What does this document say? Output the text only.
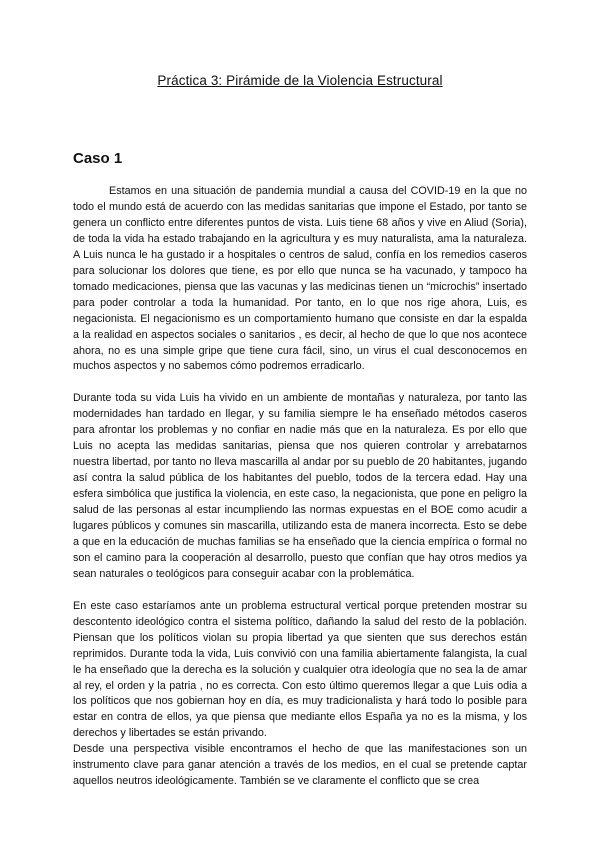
Práctica 3: Pirámide de la Violencia Estructural
Caso 1

Estamos en una situación de pandemia mundial a causa del COVID-19 en la que no todo el mundo está de acuerdo con las medidas sanitarias que impone el Estado, por tanto se genera un conflicto entre diferentes puntos de vista. Luis tiene 68 años y vive en Aliud (Soria), de toda la vida ha estado trabajando en la agricultura y es muy naturalista, ama la naturaleza. A Luis nunca le ha gustado ir a hospitales o centros de salud, confía en los remedios caseros para solucionar los dolores que tiene, es por ello que nunca se ha vacunado, y tampoco ha tomado medicaciones, piensa que las vacunas y las medicinas tienen un “microchis” insertado para poder controlar a toda la humanidad. Por tanto, en lo que nos rige ahora, Luis, es negacionista. El negacionismo es un comportamiento humano que consiste en dar la espalda a la realidad en aspectos sociales o sanitarios , es decir, al hecho de que lo que nos acontece ahora, no es una simple gripe que tiene cura fácil, sino, un virus el cual desconocemos en muchos aspectos y no sabemos cómo podremos erradicarlo.

Durante toda su vida Luis ha vivido en un ambiente de montañas y naturaleza, por tanto las modernidades han tardado en llegar, y su familia siempre le ha enseñado métodos caseros para afrontar los problemas y no confiar en nadie más que en la naturaleza. Es por ello que Luis no acepta las medidas sanitarias, piensa que nos quieren controlar y arrebatarnos nuestra libertad, por tanto no lleva mascarilla al andar por su pueblo de 20 habitantes, jugando así contra la salud pública de los habitantes del pueblo, todos de la tercera edad. Hay una esfera simbólica que justifica la violencia, en este caso, la negacionista, que pone en peligro la salud de las personas al estar incumpliendo las normas expuestas en el BOE como acudir a lugares públicos y comunes sin mascarilla, utilizando esta de manera incorrecta. Esto se debe a que en la educación de muchas familias se ha enseñado que la ciencia empírica o formal no son el camino para la cooperación al desarrollo, puesto que confían que hay otros medios ya sean naturales o teológicos para conseguir acabar con la problemática.

En este caso estaríamos ante un problema estructural vertical porque pretenden mostrar su descontento ideológico contra el sistema político, dañando la salud del resto de la población. Piensan que los políticos violan su propia libertad ya que sienten que sus derechos están reprimidos. Durante toda la vida, Luis convivió con una familia abiertamente falangista, la cual le ha enseñado que la derecha es la solución y cualquier otra ideología que no sea la de amar al rey, el orden y la patria , no es correcta. Con esto último queremos llegar a que Luis odia a los políticos que nos gobiernan hoy en día, es muy tradicionalista y hará todo lo posible para estar en contra de ellos, ya que piensa que mediante ellos España ya no es la misma, y los derechos y libertades se están privando.

Desde una perspectiva visible encontramos el hecho de que las manifestaciones son un instrumento clave para ganar atención a través de los medios, en el cual se pretende captar aquellos neutros ideológicamente. También se ve claramente el conflicto que se crea
